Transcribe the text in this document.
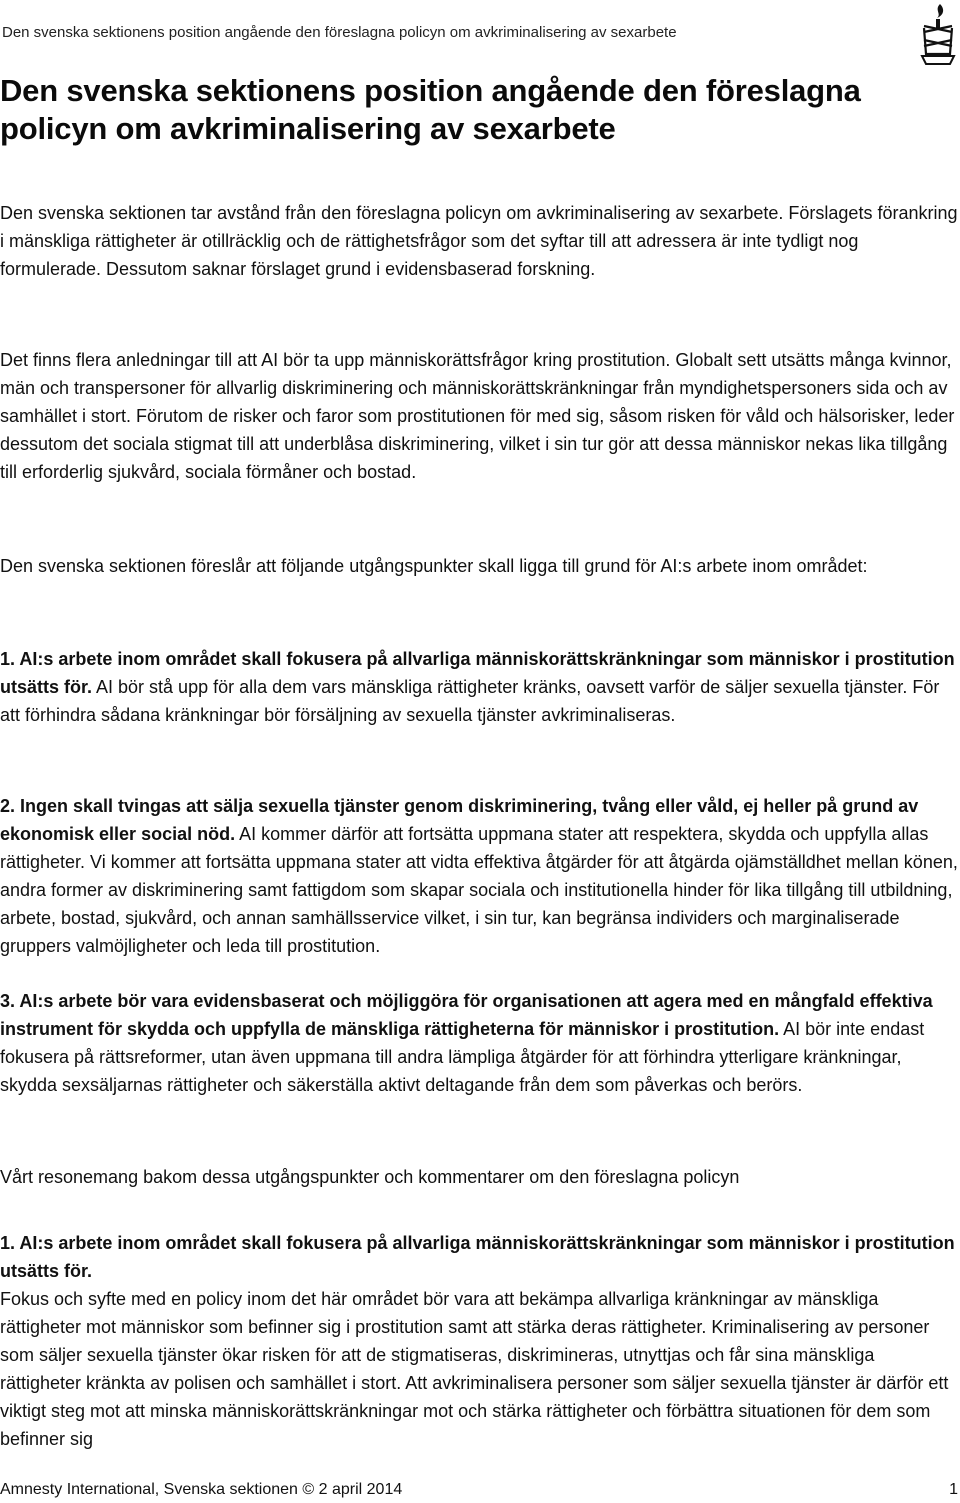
Den svenska sektionens position angående den föreslagna policyn om avkriminalisering av sexarbete
Den svenska sektionens position angående den föreslagna policyn om avkriminalisering av sexarbete

Den svenska sektionen tar avstånd från den föreslagna policyn om avkriminalisering av sexarbete. Förslagets förankring i mänskliga rättigheter är otillräcklig och de rättighetsfrågor som det syftar till att adressera är inte tydligt nog formulerade. Dessutom saknar förslaget grund i evidensbaserad forskning.

Det finns flera anledningar till att AI bör ta upp människorättsfrågor kring prostitution. Globalt sett utsätts många kvinnor, män och transpersoner för allvarlig diskriminering och människorättskränkningar från myndighetspersoners sida och av samhället i stort. Förutom de risker och faror som prostitutionen för med sig, såsom risken för våld och hälsorisker, leder dessutom det sociala stigmat till att underblåsa diskriminering, vilket i sin tur gör att dessa människor nekas lika tillgång till erforderlig sjukvård, sociala förmåner och bostad.

Den svenska sektionen föreslår att följande utgångspunkter skall ligga till grund för AI:s arbete inom området:

1. AI:s arbete inom området skall fokusera på allvarliga människorättskränkningar som människor i prostitution utsätts för. AI bör stå upp för alla dem vars mänskliga rättigheter kränks, oavsett varför de säljer sexuella tjänster. För att förhindra sådana kränkningar bör försäljning av sexuella tjänster avkriminaliseras.

2. Ingen skall tvingas att sälja sexuella tjänster genom diskriminering, tvång eller våld, ej heller på grund av ekonomisk eller social nöd. AI kommer därför att fortsätta uppmana stater att respektera, skydda och uppfylla allas rättigheter. Vi kommer att fortsätta uppmana stater att vidta effektiva åtgärder för att åtgärda ojämställdhet mellan könen, andra former av diskriminering samt fattigdom som skapar sociala och institutionella hinder för lika tillgång till utbildning, arbete, bostad, sjukvård, och annan samhällsservice vilket, i sin tur, kan begränsa individers och marginaliserade gruppers valmöjligheter och leda till prostitution.

3. AI:s arbete bör vara evidensbaserat och möjliggöra för organisationen att agera med en mångfald effektiva instrument för skydda och uppfylla de mänskliga rättigheterna för människor i prostitution. AI bör inte endast fokusera på rättsreformer, utan även uppmana till andra lämpliga åtgärder för att förhindra ytterligare kränkningar, skydda sexsäljarnas rättigheter och säkerställa aktivt deltagande från dem som påverkas och berörs.

Vårt resonemang bakom dessa utgångspunkter och kommentarer om den föreslagna policyn

1. AI:s arbete inom området skall fokusera på allvarliga människorättskränkningar som människor i prostitution utsätts för.

Fokus och syfte med en policy inom det här området bör vara att bekämpa allvarliga kränkningar av mänskliga rättigheter mot människor som befinner sig i prostitution samt att stärka deras rättigheter. Kriminalisering av personer som säljer sexuella tjänster ökar risken för att de stigmatiseras, diskrimineras, utnyttjas och får sina mänskliga rättigheter kränkta av polisen och samhället i stort. Att avkriminalisera personer som säljer sexuella tjänster är därför ett viktigt steg mot att minska människorättskränkningar mot och stärka rättigheter och förbättra situationen för dem som befinner sig

Amnesty International, Svenska sektionen © 2 april 2014	1
